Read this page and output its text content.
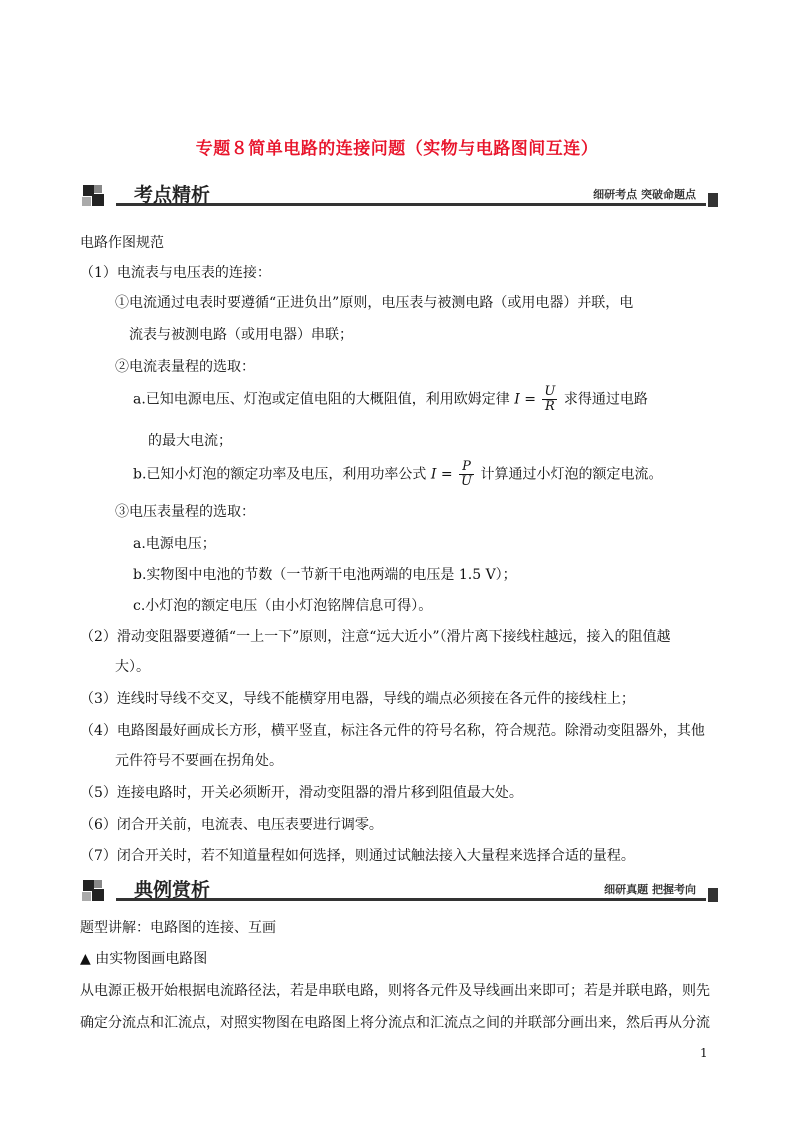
专题８简单电路的连接问题（实物与电路图间互连）
考点精析	细研考点 突破命题点
电路作图规范
（1）电流表与电压表的连接：
①电流通过电表时要遵循“正进负出”原则，电压表与被测电路（或用电器）并联，电
流表与被测电路（或用电器）串联；
②电流表量程的选取：
a.已知电源电压、灯泡或定值电阻的大概阻值，利用欧姆定律 $I = \frac{U}{R}$ 求得通过电路
的最大电流；
b.已知小灯泡的额定功率及电压，利用功率公式 $I = \frac{P}{U}$ 计算通过小灯泡的额定电流。
③电压表量程的选取：
a.电源电压；
b.实物图中电池的节数（一节新干电池两端的电压是 1.5 V）；
c.小灯泡的额定电压（由小灯泡铭牌信息可得）。
（2）滑动变阻器要遵循“一上一下”原则，注意“远大近小”（滑片离下接线柱越远，接入的阻值越
大）。
（3）连线时导线不交叉，导线不能横穿用电器，导线的端点必须接在各元件的接线柱上；
（4）电路图最好画成长方形，横平竖直，标注各元件的符号名称，符合规范。除滑动变阻器外，其他
元件符号不要画在拐角处。
（5）连接电路时，开关必须断开，滑动变阻器的滑片移到阻值最大处。
（6）闭合开关前，电流表、电压表要进行调零。
（7）闭合开关时，若不知道量程如何选择，则通过试触法接入大量程来选择合适的量程。
典例赏析	细研真题 把握考向
题型讲解：电路图的连接、互画
▲ 由实物图画电路图
从电源正极开始根据电流路径法，若是串联电路，则将各元件及导线画出来即可；若是并联电路，则先
确定分流点和汇流点，对照实物图在电路图上将分流点和汇流点之间的并联部分画出来，然后再从分流
1
